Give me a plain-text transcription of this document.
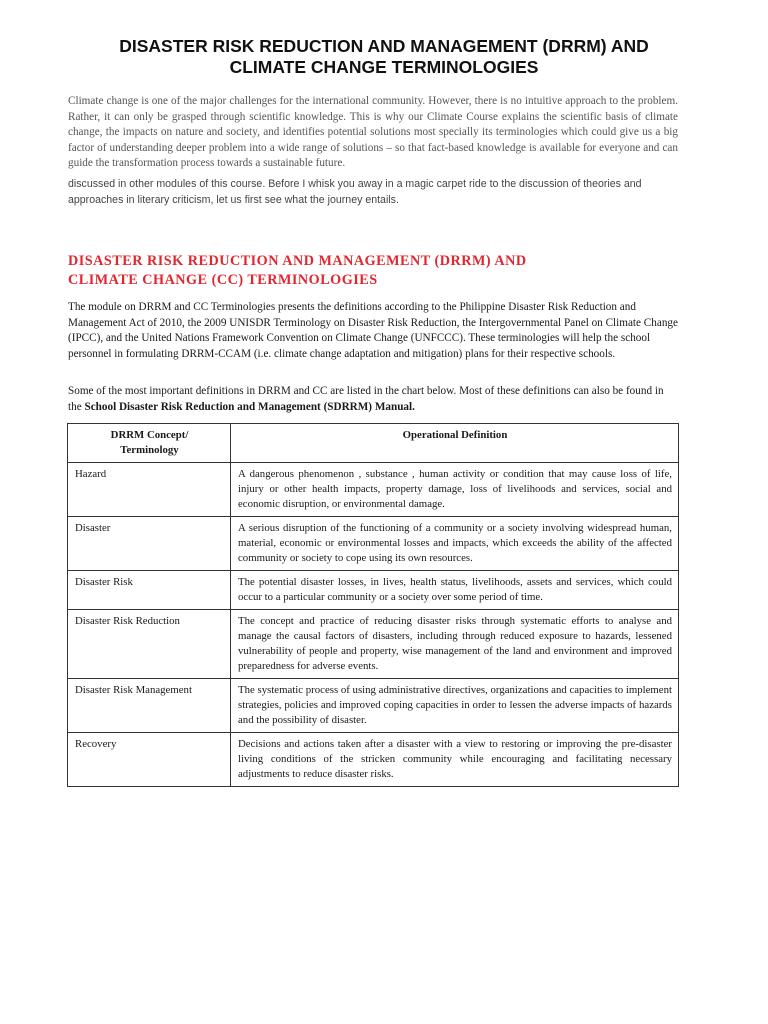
DISASTER RISK REDUCTION AND MANAGEMENT (DRRM) AND
CLIMATE CHANGE TERMINOLOGIES

Climate change is one of the major challenges for the international community. However, there is no intuitive approach to the problem. Rather, it can only be grasped through scientific knowledge. This is why our Climate Course explains the scientific basis of climate change, the impacts on nature and society, and identifies potential solutions most specially its terminologies which could give us a big factor of understanding deeper problem into a wide range of solutions – so that fact-based knowledge is available for everyone and can guide the transformation process towards a sustainable future.

discussed in other modules of this course. Before I whisk you away in a magic carpet ride to the discussion of theories and approaches in literary criticism, let us first see what the journey entails.

DISASTER RISK REDUCTION AND MANAGEMENT (DRRM) AND
CLIMATE CHANGE (CC) TERMINOLOGIES

The module on DRRM and CC Terminologies presents the definitions according to the Philippine Disaster Risk Reduction and Management Act of 2010, the 2009 UNISDR Terminology on Disaster Risk Reduction, the Intergovernmental Panel on Climate Change (IPCC), and the United Nations Framework Convention on Climate Change (UNFCCC). These terminologies will help the school personnel in formulating DRRM-CCAM (i.e. climate change adaptation and mitigation) plans for their respective schools.

Some of the most important definitions in DRRM and CC are listed in the chart below. Most of these definitions can also be found in the School Disaster Risk Reduction and Management (SDRRM) Manual.

DRRM Concept/
Terminology	Operational Definition
Hazard	A dangerous phenomenon , substance , human activity or condition that may cause loss of life, injury or other health impacts, property damage, loss of livelihoods and services, social and economic disruption, or environmental damage.
Disaster	A serious disruption of the functioning of a community or a society involving widespread human, material, economic or environmental losses and impacts, which exceeds the ability of the affected community or society to cope using its own resources.
Disaster Risk	The potential disaster losses, in lives, health status, livelihoods, assets and services, which could occur to a particular community or a society over some period of time.
Disaster Risk Reduction	The concept and practice of reducing disaster risks through systematic efforts to analyse and manage the causal factors of disasters, including through reduced exposure to hazards, lessened vulnerability of people and property, wise management of the land and environment and improved preparedness for adverse events.
Disaster Risk Management	The systematic process of using administrative directives, organizations and capacities to implement strategies, policies and improved coping capacities in order to lessen the adverse impacts of hazards and the possibility of disaster.
Recovery	Decisions and actions taken after a disaster with a view to restoring or improving the pre-disaster living conditions of the stricken community while encouraging and facilitating necessary adjustments to reduce disaster risks.
